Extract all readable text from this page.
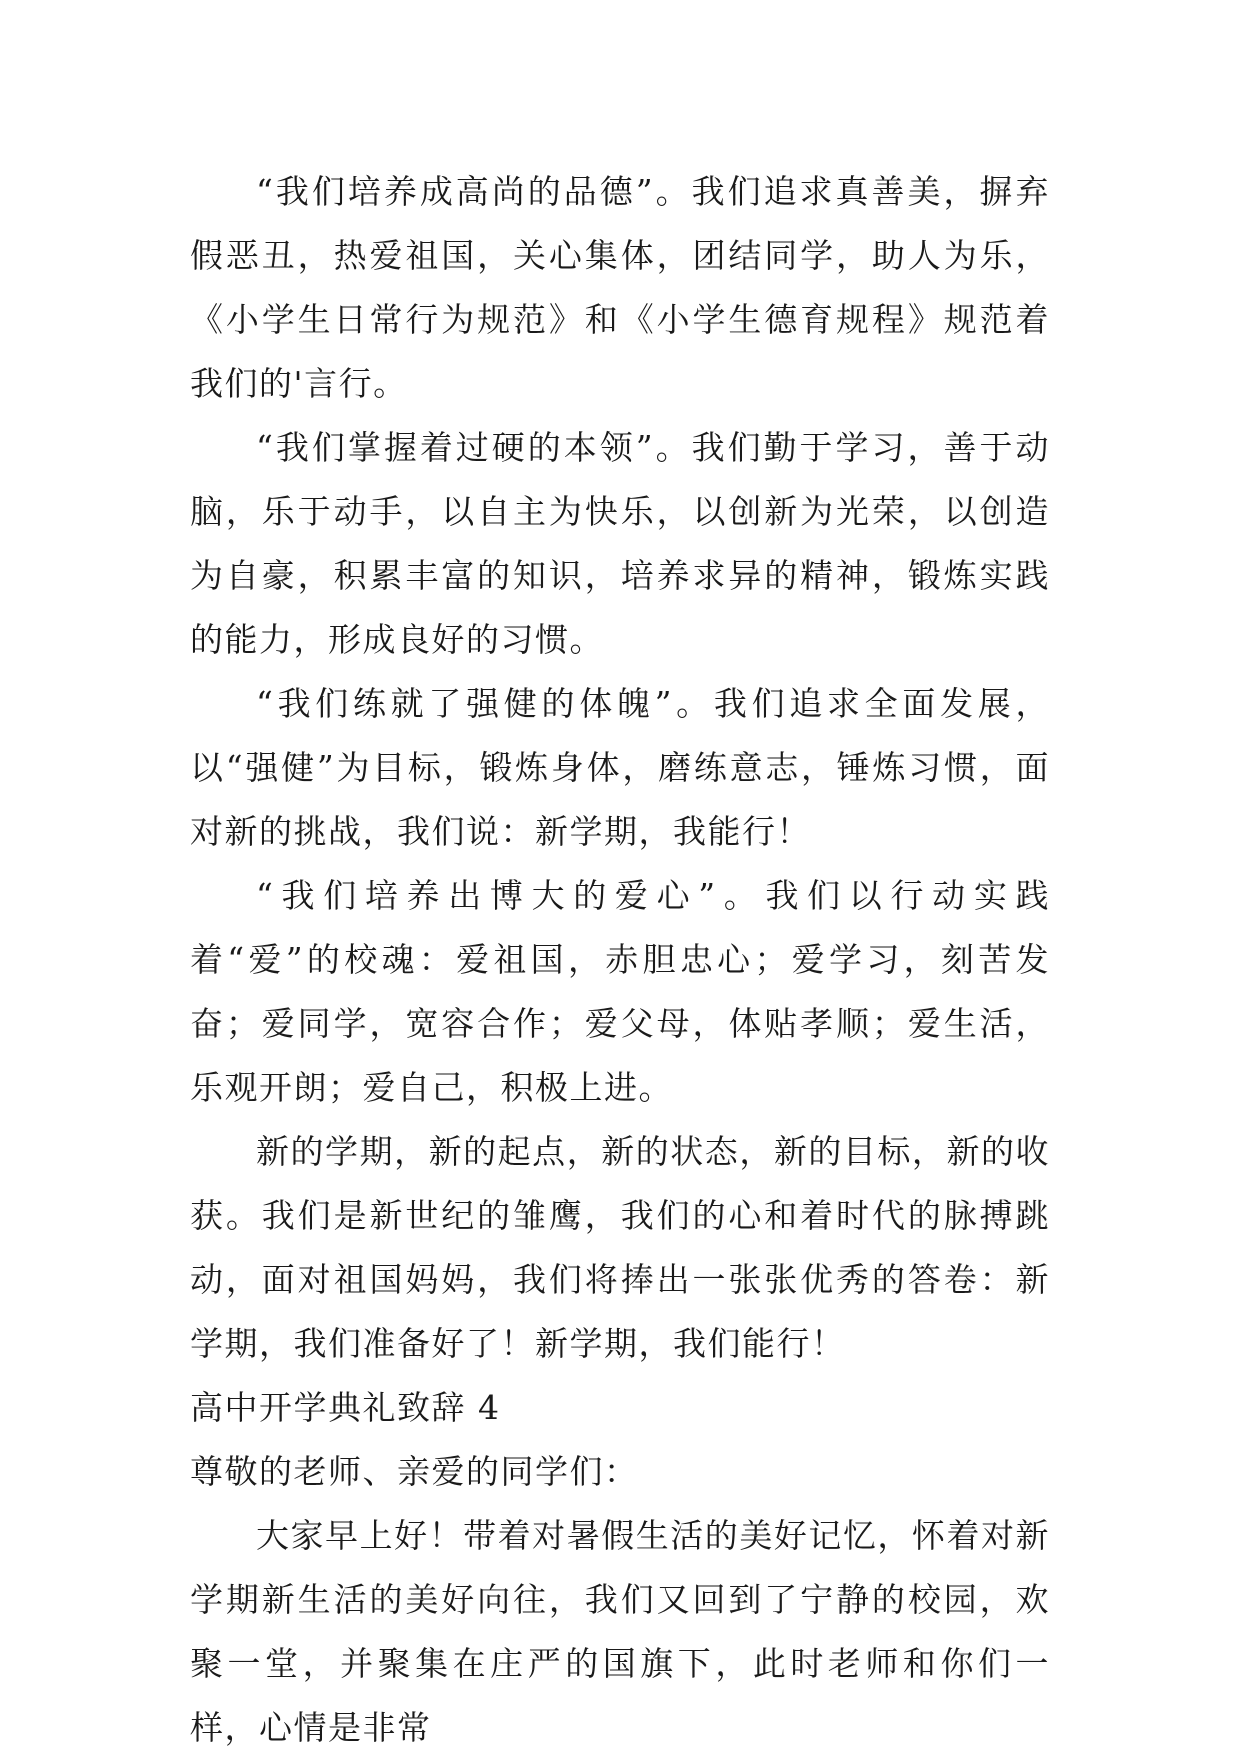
“我们培养成高尚的品德”。我们追求真善美，摒弃假恶丑，热爱祖国，关心集体，团结同学，助人为乐，《小学生日常行为规范》和《小学生德育规程》规范着我们的'言行。

“我们掌握着过硬的本领”。我们勤于学习，善于动脑，乐于动手，以自主为快乐，以创新为光荣，以创造为自豪，积累丰富的知识，培养求异的精神，锻炼实践的能力，形成良好的习惯。

“我们练就了强健的体魄”。我们追求全面发展，以“强健”为目标，锻炼身体，磨练意志，锤炼习惯，面对新的挑战，我们说：新学期，我能行！

“我们培养出博大的爱心”。我们以行动实践着“爱”的校魂：爱祖国，赤胆忠心；爱学习，刻苦发奋；爱同学，宽容合作；爱父母，体贴孝顺；爱生活，乐观开朗；爱自己，积极上进。

新的学期，新的起点，新的状态，新的目标，新的收获。我们是新世纪的雏鹰，我们的心和着时代的脉搏跳动，面对祖国妈妈，我们将捧出一张张优秀的答卷：新学期，我们准备好了！新学期，我们能行！

高中开学典礼致辞 4

尊敬的老师、亲爱的同学们：

大家早上好！带着对暑假生活的美好记忆，怀着对新学期新生活的美好向往，我们又回到了宁静的校园，欢聚一堂，并聚集在庄严的国旗下，此时老师和你们一样，心情是非常
